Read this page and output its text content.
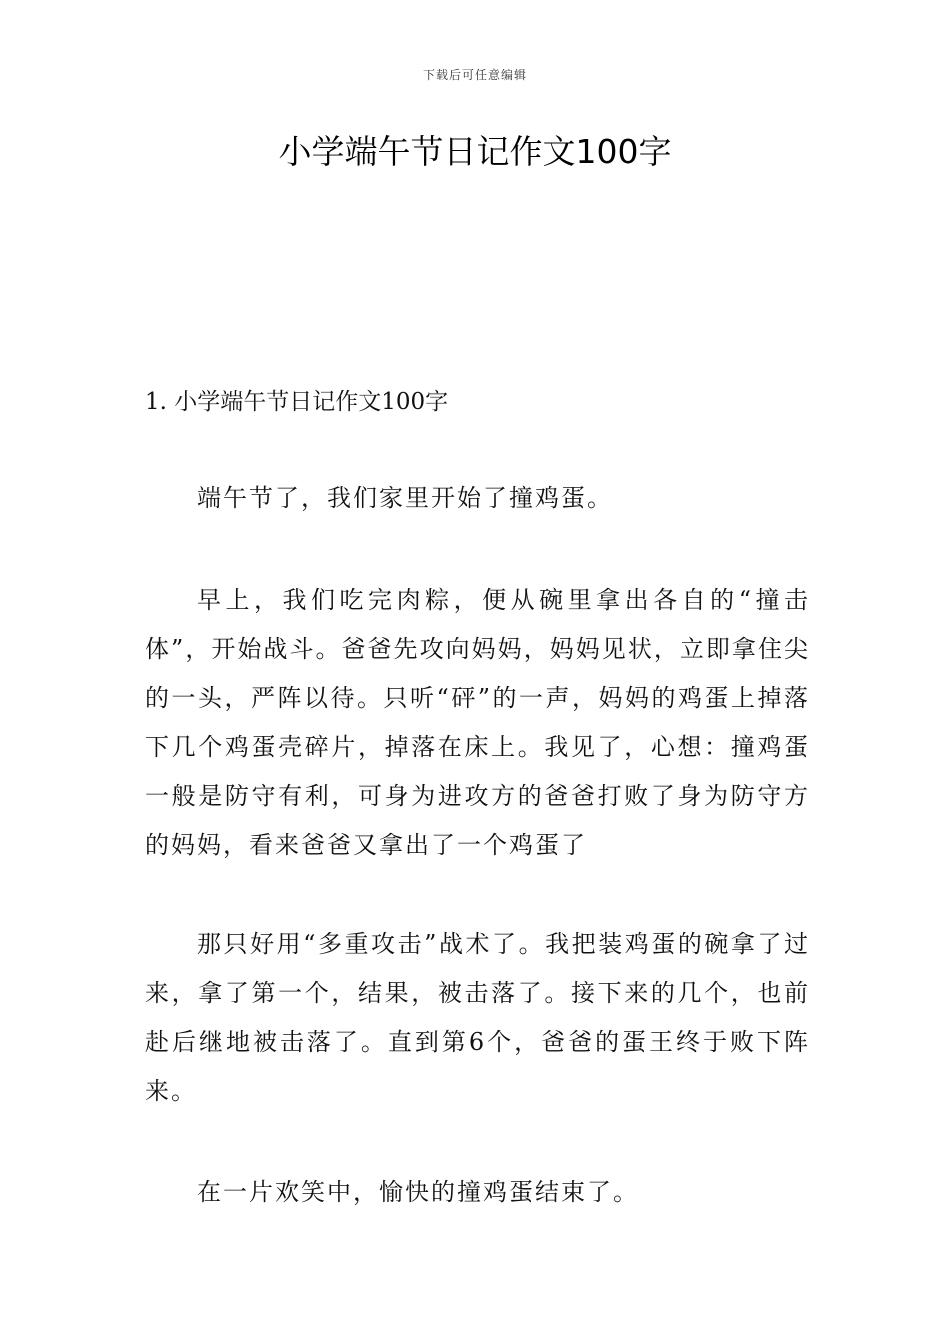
下载后可任意编辑
小学端午节日记作文100字
1. 小学端午节日记作文100字

端午节了，我们家里开始了撞鸡蛋。

早上，我们吃完肉粽，便从碗里拿出各自的“撞击体”，开始战斗。爸爸先攻向妈妈，妈妈见状，立即拿住尖的一头，严阵以待。只听“砰”的一声，妈妈的鸡蛋上掉落下几个鸡蛋壳碎片，掉落在床上。我见了，心想：撞鸡蛋一般是防守有利，可身为进攻方的爸爸打败了身为防守方的妈妈，看来爸爸又拿出了一个鸡蛋了

那只好用“多重攻击”战术了。我把装鸡蛋的碗拿了过来，拿了第一个，结果，被击落了。接下来的几个，也前赴后继地被击落了。直到第6个，爸爸的蛋王终于败下阵来。

在一片欢笑中，愉快的撞鸡蛋结束了。
